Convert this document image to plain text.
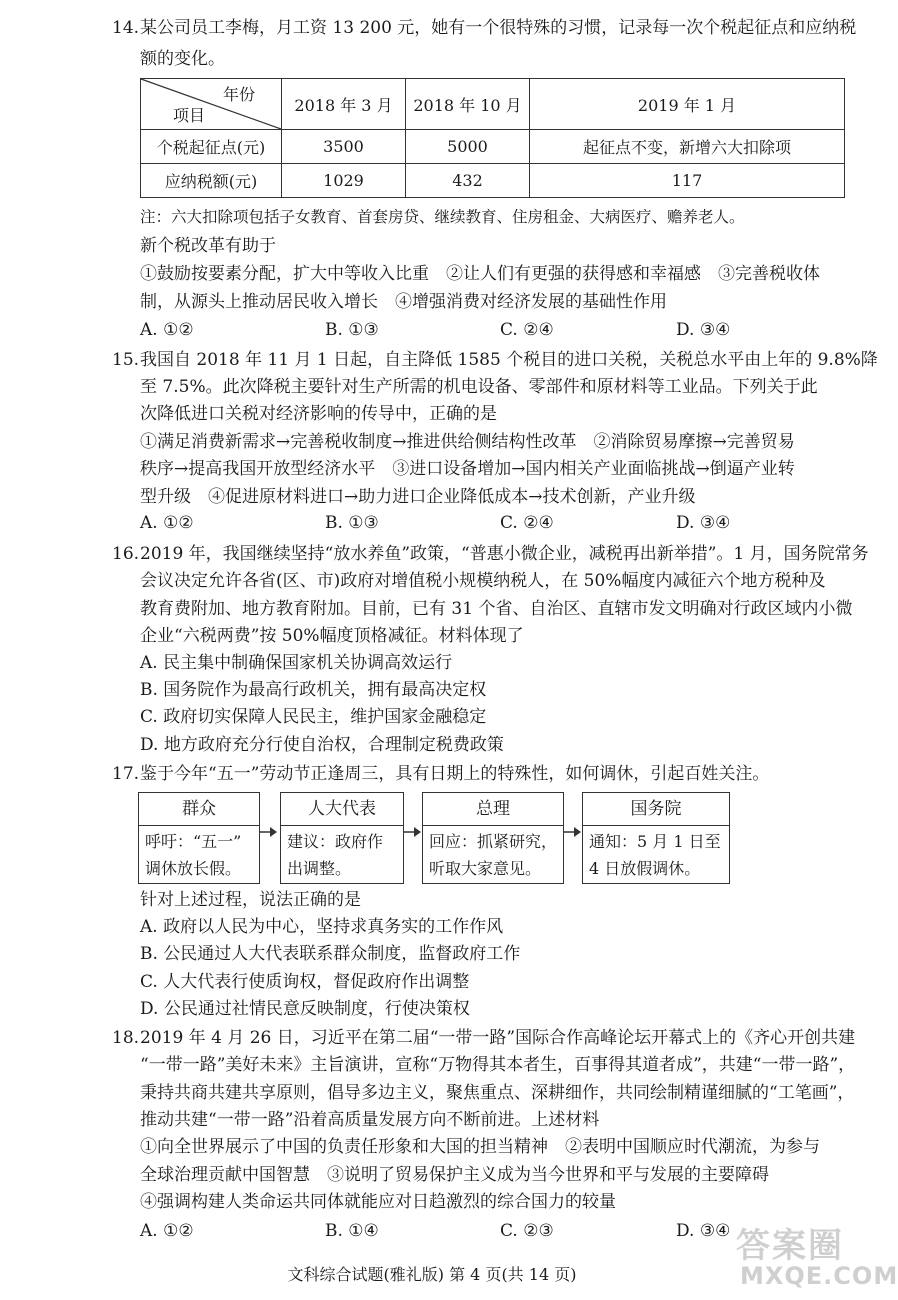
14. 某公司员工李梅，月工资 13 200 元，她有一个很特殊的习惯，记录每一次个税起征点和应纳税
额的变化。
年份
项目	2018 年 3 月	2018 年 10 月	2019 年 1 月
个税起征点(元)	3500	5000	起征点不变，新增六大扣除项
应纳税额(元)	1029	432	117
注：六大扣除项包括子女教育、首套房贷、继续教育、住房租金、大病医疗、赡养老人。
新个税改革有助于
①鼓励按要素分配，扩大中等收入比重　②让人们有更强的获得感和幸福感　③完善税收体
制，从源头上推动居民收入增长　④增强消费对经济发展的基础性作用
A. ①②	B. ①③	C. ②④	D. ③④
15. 我国自 2018 年 11 月 1 日起，自主降低 1585 个税目的进口关税，关税总水平由上年的 9.8%降
至 7.5%。此次降税主要针对生产所需的机电设备、零部件和原材料等工业品。下列关于此
次降低进口关税对经济影响的传导中，正确的是
①满足消费新需求→完善税收制度→推进供给侧结构性改革　②消除贸易摩擦→完善贸易
秩序→提高我国开放型经济水平　③进口设备增加→国内相关产业面临挑战→倒逼产业转
型升级　④促进原材料进口→助力进口企业降低成本→技术创新，产业升级
A. ①②	B. ①③	C. ②④	D. ③④
16. 2019 年，我国继续坚持“放水养鱼”政策，“普惠小微企业，减税再出新举措”。1 月，国务院常务
会议决定允许各省(区、市)政府对增值税小规模纳税人，在 50%幅度内减征六个地方税种及
教育费附加、地方教育附加。目前，已有 31 个省、自治区、直辖市发文明确对行政区域内小微
企业“六税两费”按 50%幅度顶格减征。材料体现了
A. 民主集中制确保国家机关协调高效运行
B. 国务院作为最高行政机关，拥有最高决定权
C. 政府切实保障人民民主，维护国家金融稳定
D. 地方政府充分行使自治权，合理制定税费政策
17. 鉴于今年“五一”劳动节正逢周三，具有日期上的特殊性，如何调休，引起百姓关注。
群众
呼吁：“五一”
调休放长假。
人大代表
建议：政府作
出调整。
总理
回应：抓紧研究，
听取大家意见。
国务院
通知：5 月 1 日至
4 日放假调休。
针对上述过程，说法正确的是
A. 政府以人民为中心，坚持求真务实的工作作风
B. 公民通过人大代表联系群众制度，监督政府工作
C. 人大代表行使质询权，督促政府作出调整
D. 公民通过社情民意反映制度，行使决策权
18. 2019 年 4 月 26 日，习近平在第二届“一带一路”国际合作高峰论坛开幕式上的《齐心开创共建
“一带一路”美好未来》主旨演讲，宣称“万物得其本者生，百事得其道者成”，共建“一带一路”，
秉持共商共建共享原则，倡导多边主义，聚焦重点、深耕细作，共同绘制精谨细腻的“工笔画”，
推动共建“一带一路”沿着高质量发展方向不断前进。上述材料
①向全世界展示了中国的负责任形象和大国的担当精神　②表明中国顺应时代潮流，为参与
全球治理贡献中国智慧　③说明了贸易保护主义成为当今世界和平与发展的主要障碍
④强调构建人类命运共同体就能应对日趋激烈的综合国力的较量
A. ①②	B. ①④	C. ②③	D. ③④
文科综合试题(雅礼版) 第 4 页(共 14 页)
答案圈
MXQE.COM
